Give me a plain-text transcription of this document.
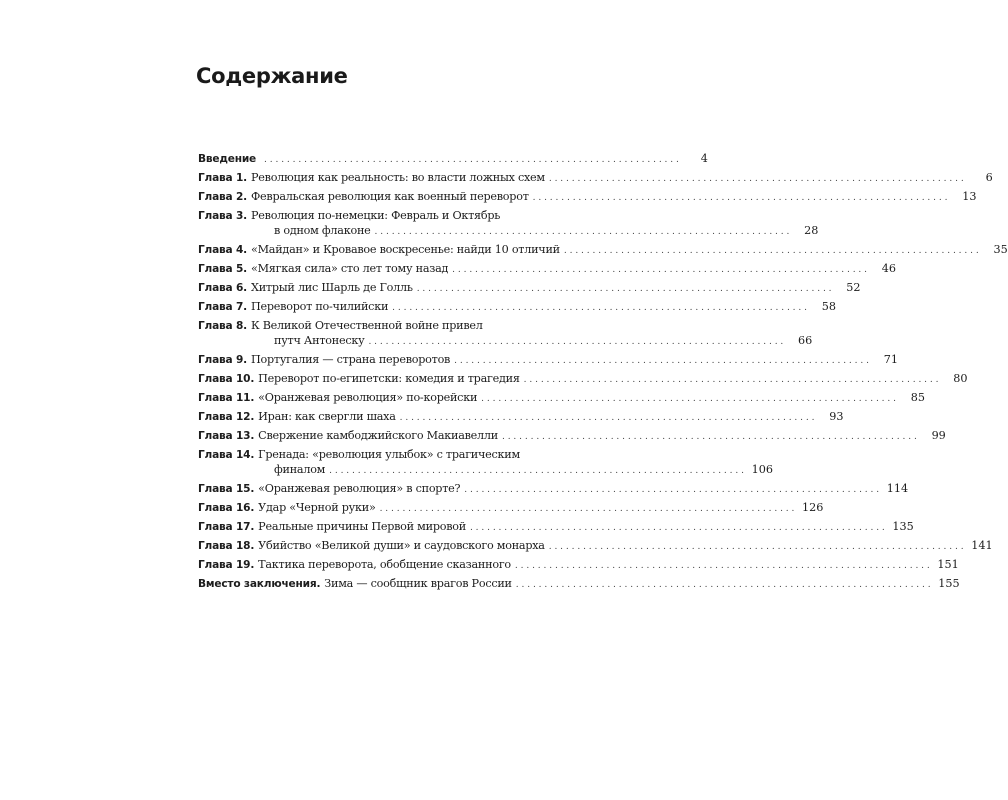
Содержание
Введение . . .	4
Глава 1. Революция как реальность: во власти ложных схем . . .	6
Глава 2. Февральская революция как военный переворот . . .	13
Глава 3. Революция по-немецки: Февраль и Октябрь
в одном флаконе . . .	28
Глава 4. «Майдан» и Кровавое воскресенье: найди 10 отличий . . .	35
Глава 5. «Мягкая сила» сто лет тому назад . . .	46
Глава 6. Хитрый лис Шарль де Голль . . .	52
Глава 7. Переворот по-чилийски . . .	58
Глава 8. К Великой Отечественной войне привел
путч Антонеску . . .	66
Глава 9. Португалия — страна переворотов . . .	71
Глава 10. Переворот по-египетски: комедия и трагедия . . .	80
Глава 11. «Оранжевая революция» по-корейски . . .	85
Глава 12. Иран: как свергли шаха . . .	93
Глава 13. Свержение камбоджийского Макиавелли . . .	99
Глава 14. Гренада: «революция улыбок» с трагическим
финалом . . .	106
Глава 15. «Оранжевая революция» в спорте? . . .	114
Глава 16. Удар «Черной руки» . . .	126
Глава 17. Реальные причины Первой мировой . . .	135
Глава 18. Убийство «Великой души» и саудовского монарха . . .	141
Глава 19. Тактика переворота, обобщение сказанного . . .	151
Вместо заключения. Зима — сообщник врагов России . . .	155
